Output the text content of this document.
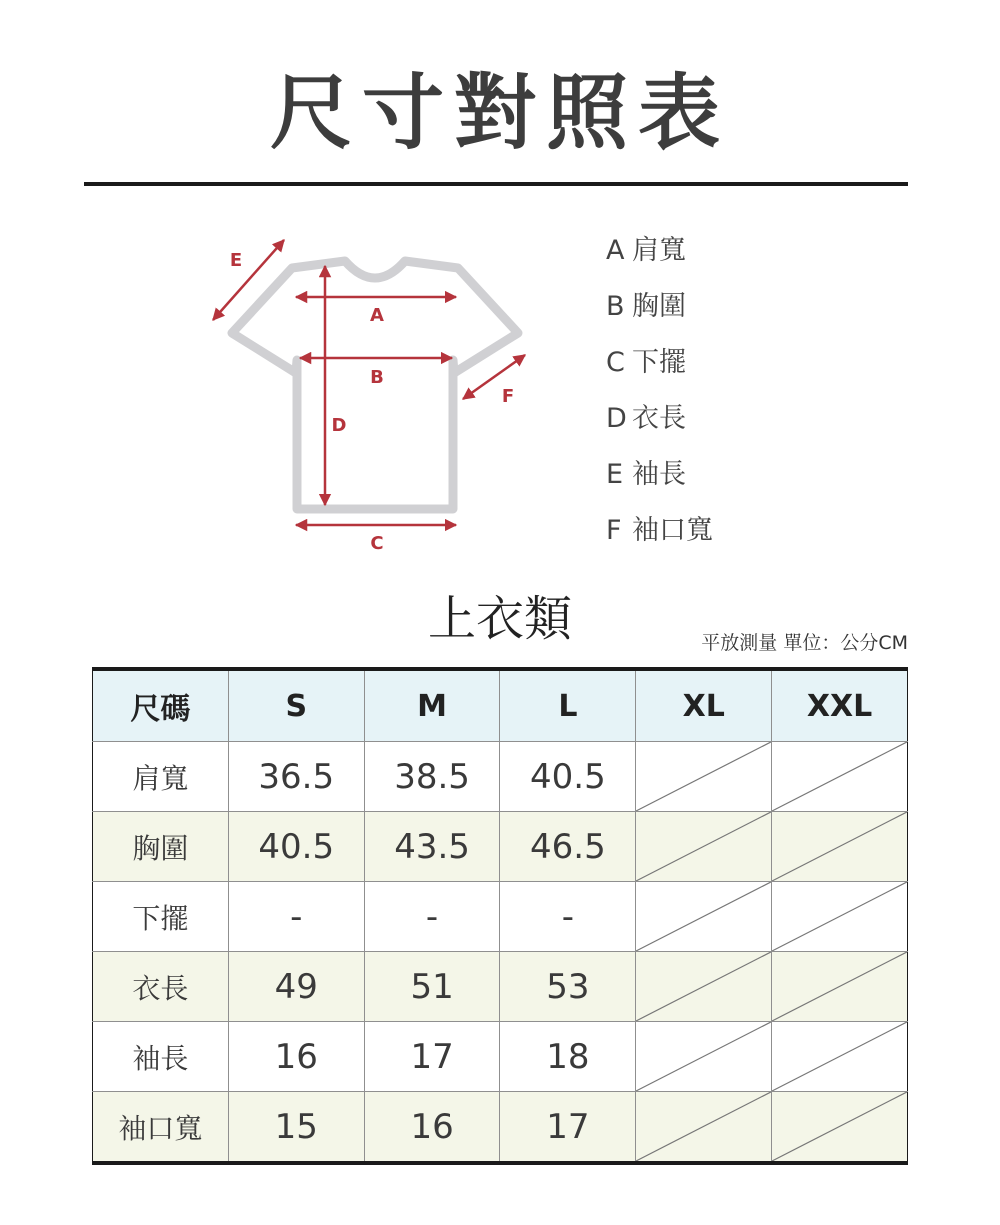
尺寸對照表
E
A
B
D
F
C
A 肩寬
B 胸圍
C 下擺
D 衣長
E 袖長
F 袖口寬
上衣類	平放測量 單位：公分CM
尺碼	S	M	L	XL	XXL
肩寬	36.5	38.5	40.5	

胸圍	40.5	43.5	46.5	

下擺	-	-	-	

衣長	49	51	53	

袖長	16	17	18	

袖口寬	15	16	17	
